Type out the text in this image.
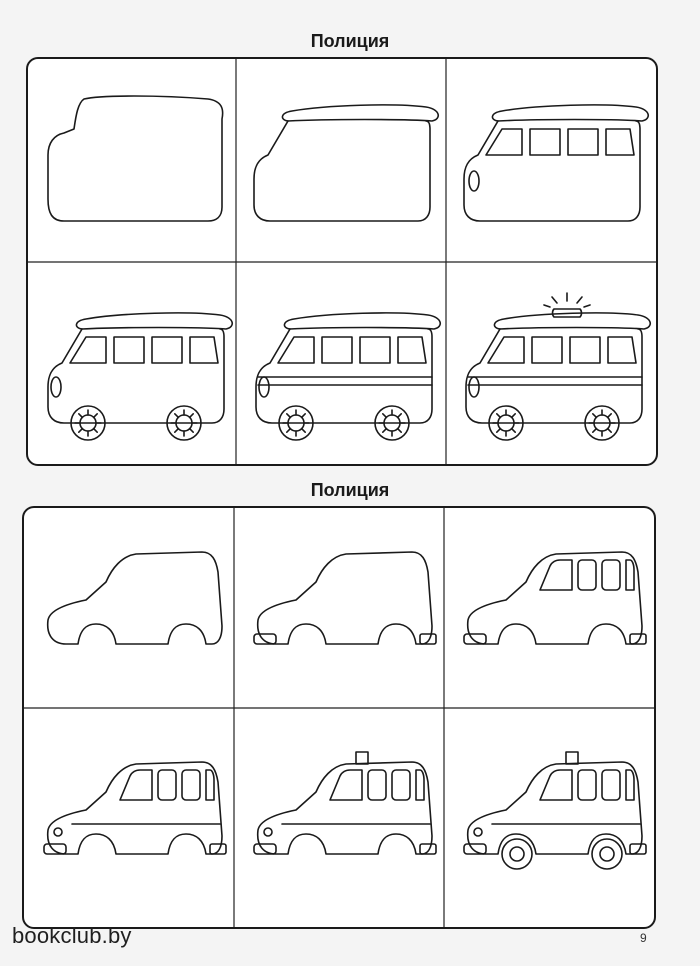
Полиция
Полиция
bookclub.by	9
